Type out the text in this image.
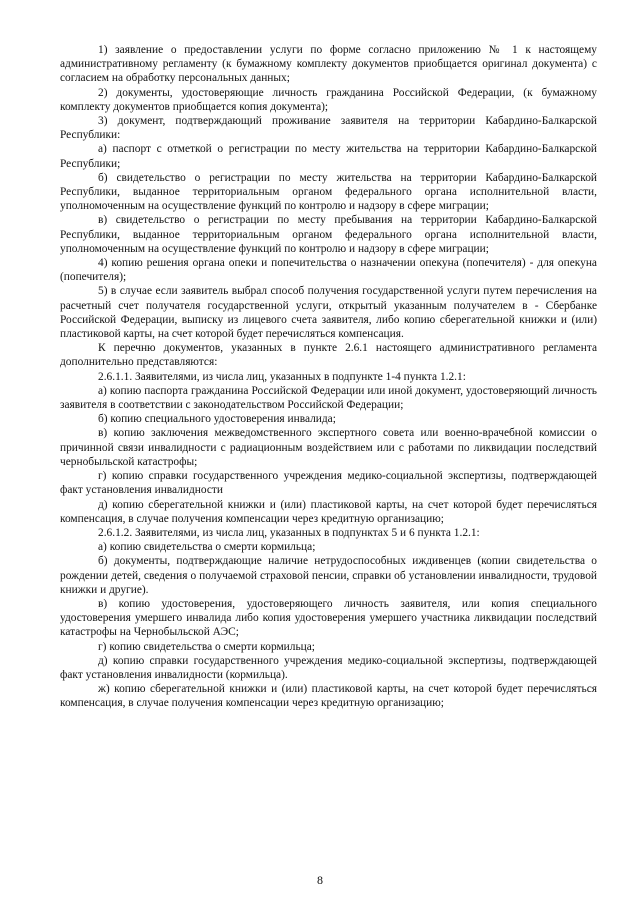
1) заявление о предоставлении услуги по форме согласно приложению № 1 к настоящему административному регламенту (к бумажному комплекту документов приобщается оригинал документа) с согласием на обработку персональных данных;

2) документы, удостоверяющие личность гражданина Российской Федерации, (к бумажному комплекту документов приобщается копия документа);

3) документ, подтверждающий проживание заявителя на территории Кабардино-Балкарской Республики:

а) паспорт с отметкой о регистрации по месту жительства на территории Кабардино-Балкарской Республики;

б) свидетельство о регистрации по месту жительства на территории Кабардино-Балкарской Республики, выданное территориальным органом федерального органа исполнительной власти, уполномоченным на осуществление функций по контролю и надзору в сфере миграции;

в) свидетельство о регистрации по месту пребывания на территории Кабардино-Балкарской Республики, выданное территориальным органом федерального органа исполнительной власти, уполномоченным на осуществление функций по контролю и надзору в сфере миграции;

4) копию решения органа опеки и попечительства о назначении опекуна (попечителя) - для опекуна (попечителя);

5) в случае если заявитель выбрал способ получения государственной услуги путем перечисления на расчетный счет получателя государственной услуги, открытый указанным получателем в - Сбербанке Российской Федерации, выписку из лицевого счета заявителя, либо копию сберегательной книжки и (или) пластиковой карты, на счет которой будет перечисляться компенсация.

К перечню документов, указанных в пункте 2.6.1 настоящего административного регламента дополнительно представляются:

2.6.1.1. Заявителями, из числа лиц, указанных в подпункте 1-4 пункта 1.2.1:

а) копию паспорта гражданина Российской Федерации или иной документ, удостоверяющий личность заявителя в соответствии с законодательством Российской Федерации;

б) копию специального удостоверения инвалида;

в) копию заключения межведомственного экспертного совета или военно-врачебной комиссии о причинной связи инвалидности с радиационным воздействием или с работами по ликвидации последствий чернобыльской катастрофы;

г) копию справки государственного учреждения медико-социальной экспертизы, подтверждающей факт установления инвалидности

д) копию сберегательной книжки и (или) пластиковой карты, на счет которой будет перечисляться компенсация, в случае получения компенсации через кредитную организацию;

2.6.1.2. Заявителями, из числа лиц, указанных в подпунктах 5 и 6 пункта 1.2.1:

а) копию свидетельства о смерти кормильца;

б) документы, подтверждающие наличие нетрудоспособных иждивенцев (копии свидетельства о рождении детей, сведения о получаемой страховой пенсии, справки об установлении инвалидности, трудовой книжки и другие).

в) копию удостоверения, удостоверяющего личность заявителя, или копия специального удостоверения умершего инвалида либо копия удостоверения умершего участника ликвидации последствий катастрофы на Чернобыльской АЭС;

г) копию свидетельства о смерти кормильца;

д) копию справки государственного учреждения медико-социальной экспертизы, подтверждающей факт установления инвалидности (кормильца).

ж) копию сберегательной книжки и (или) пластиковой карты, на счет которой будет перечисляться компенсация, в случае получения компенсации через кредитную организацию;

8
